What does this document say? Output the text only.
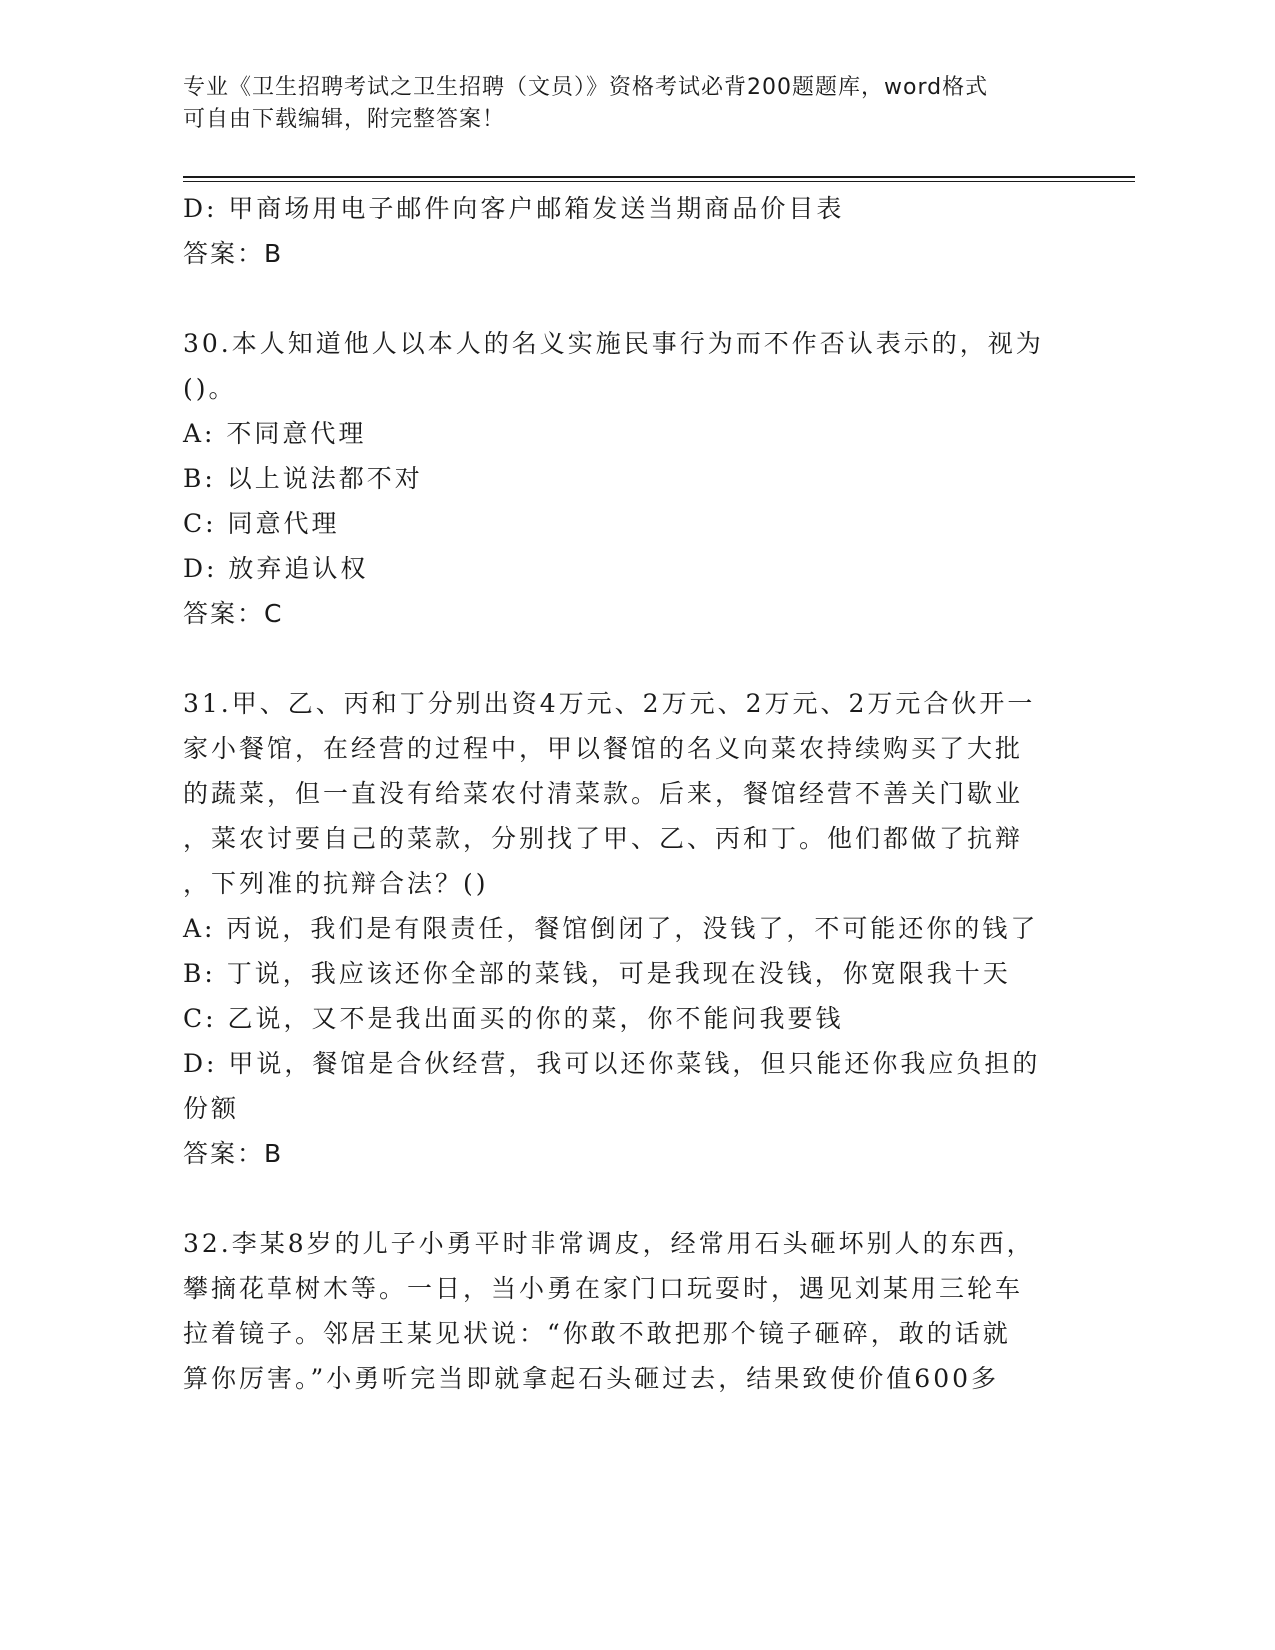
专业《卫生招聘考试之卫生招聘（文员）》资格考试必背200题题库，word格式
可自由下载编辑，附完整答案！
D: 甲商场用电子邮件向客户邮箱发送当期商品价目表
答案：B
30.本人知道他人以本人的名义实施民事行为而不作否认表示的，视为
()。
A: 不同意代理
B: 以上说法都不对
C: 同意代理
D: 放弃追认权
答案：C
31.甲、乙、丙和丁分别出资4万元、2万元、2万元、2万元合伙开一
家小餐馆，在经营的过程中，甲以餐馆的名义向菜农持续购买了大批
的蔬菜，但一直没有给菜农付清菜款。后来，餐馆经营不善关门歇业
，菜农讨要自己的菜款，分别找了甲、乙、丙和丁。他们都做了抗辩
，下列准的抗辩合法？()
A: 丙说，我们是有限责任，餐馆倒闭了，没钱了，不可能还你的钱了
B: 丁说，我应该还你全部的菜钱，可是我现在没钱，你宽限我十天
C: 乙说，又不是我出面买的你的菜，你不能问我要钱
D: 甲说，餐馆是合伙经营，我可以还你菜钱，但只能还你我应负担的
份额
答案：B
32.李某8岁的儿子小勇平时非常调皮，经常用石头砸坏别人的东西，
攀摘花草树木等。一日，当小勇在家门口玩耍时，遇见刘某用三轮车
拉着镜子。邻居王某见状说：“你敢不敢把那个镜子砸碎，敢的话就
算你厉害。”小勇听完当即就拿起石头砸过去，结果致使价值600多
